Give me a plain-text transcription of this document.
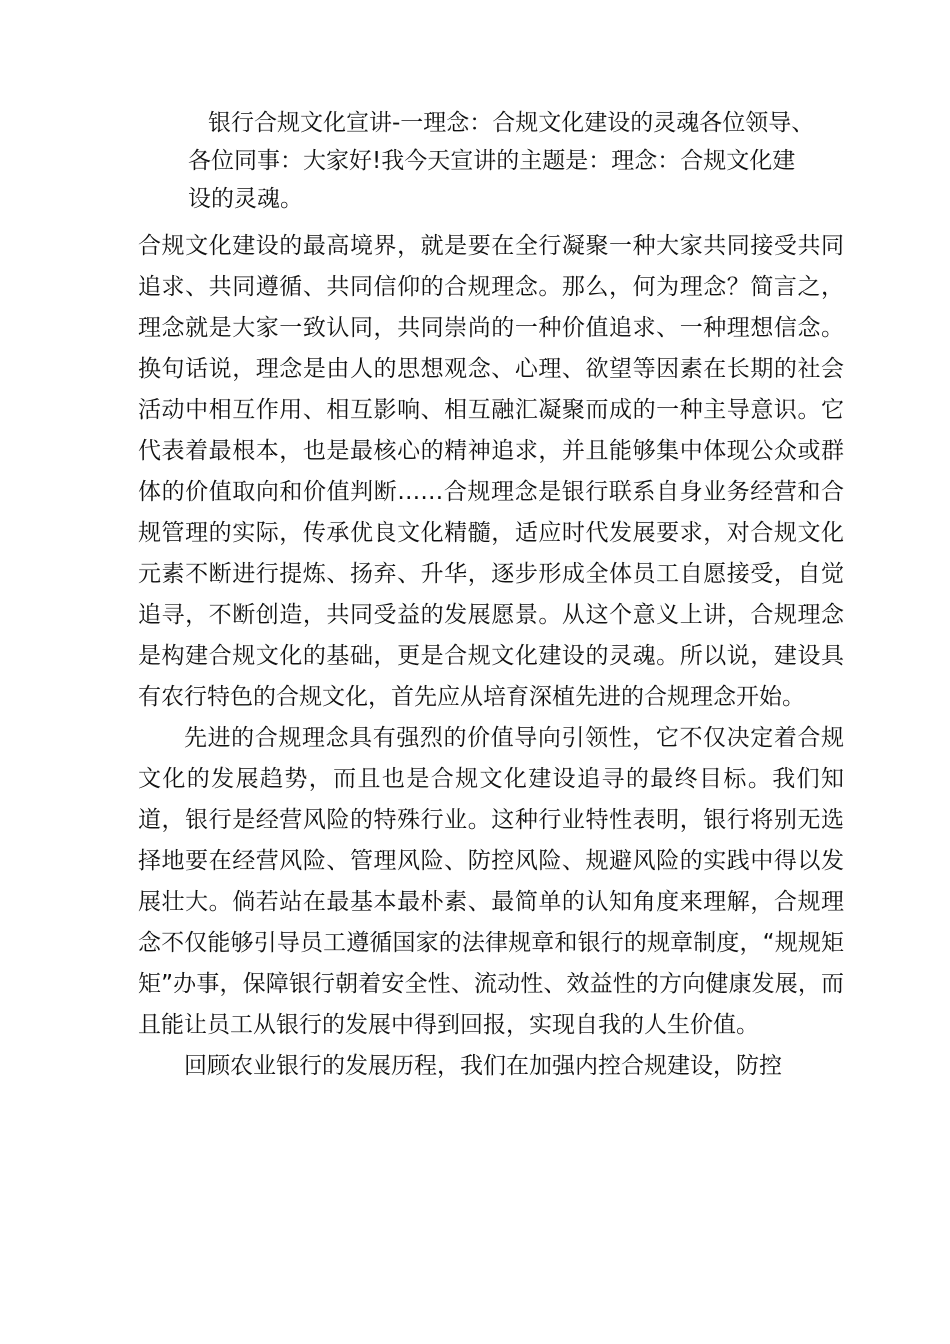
银行合规文化宣讲-一理念：合规文化建设的灵魂各位领导、
各位同事：大家好!我今天宣讲的主题是：理念：合规文化建
设的灵魂。

合规文化建设的最高境界，就是要在全行凝聚一种大家共同接受共同追求、共同遵循、共同信仰的合规理念。那么，何为理念？简言之，理念就是大家一致认同，共同崇尚的一种价值追求、一种理想信念。换句话说，理念是由人的思想观念、心理、欲望等因素在长期的社会活动中相互作用、相互影响、相互融汇凝聚而成的一种主导意识。它代表着最根本，也是最核心的精神追求，并且能够集中体现公众或群体的价值取向和价值判断……合规理念是银行联系自身业务经营和合规管理的实际，传承优良文化精髓，适应时代发展要求，对合规文化元素不断进行提炼、扬弃、升华，逐步形成全体员工自愿接受，自觉追寻，不断创造，共同受益的发展愿景。从这个意义上讲，合规理念是构建合规文化的基础，更是合规文化建设的灵魂。所以说，建设具有农行特色的合规文化，首先应从培育深植先进的合规理念开始。

先进的合规理念具有强烈的价值导向引领性，它不仅决定着合规文化的发展趋势，而且也是合规文化建设追寻的最终目标。我们知道，银行是经营风险的特殊行业。这种行业特性表明，银行将别无选择地要在经营风险、管理风险、防控风险、规避风险的实践中得以发展壮大。倘若站在最基本最朴素、最简单的认知角度来理解，合规理念不仅能够引导员工遵循国家的法律规章和银行的规章制度，“规规矩矩”办事，保障银行朝着安全性、流动性、效益性的方向健康发展，而且能让员工从银行的发展中得到回报，实现自我的人生价值。

回顾农业银行的发展历程，我们在加强内控合规建设，防控
